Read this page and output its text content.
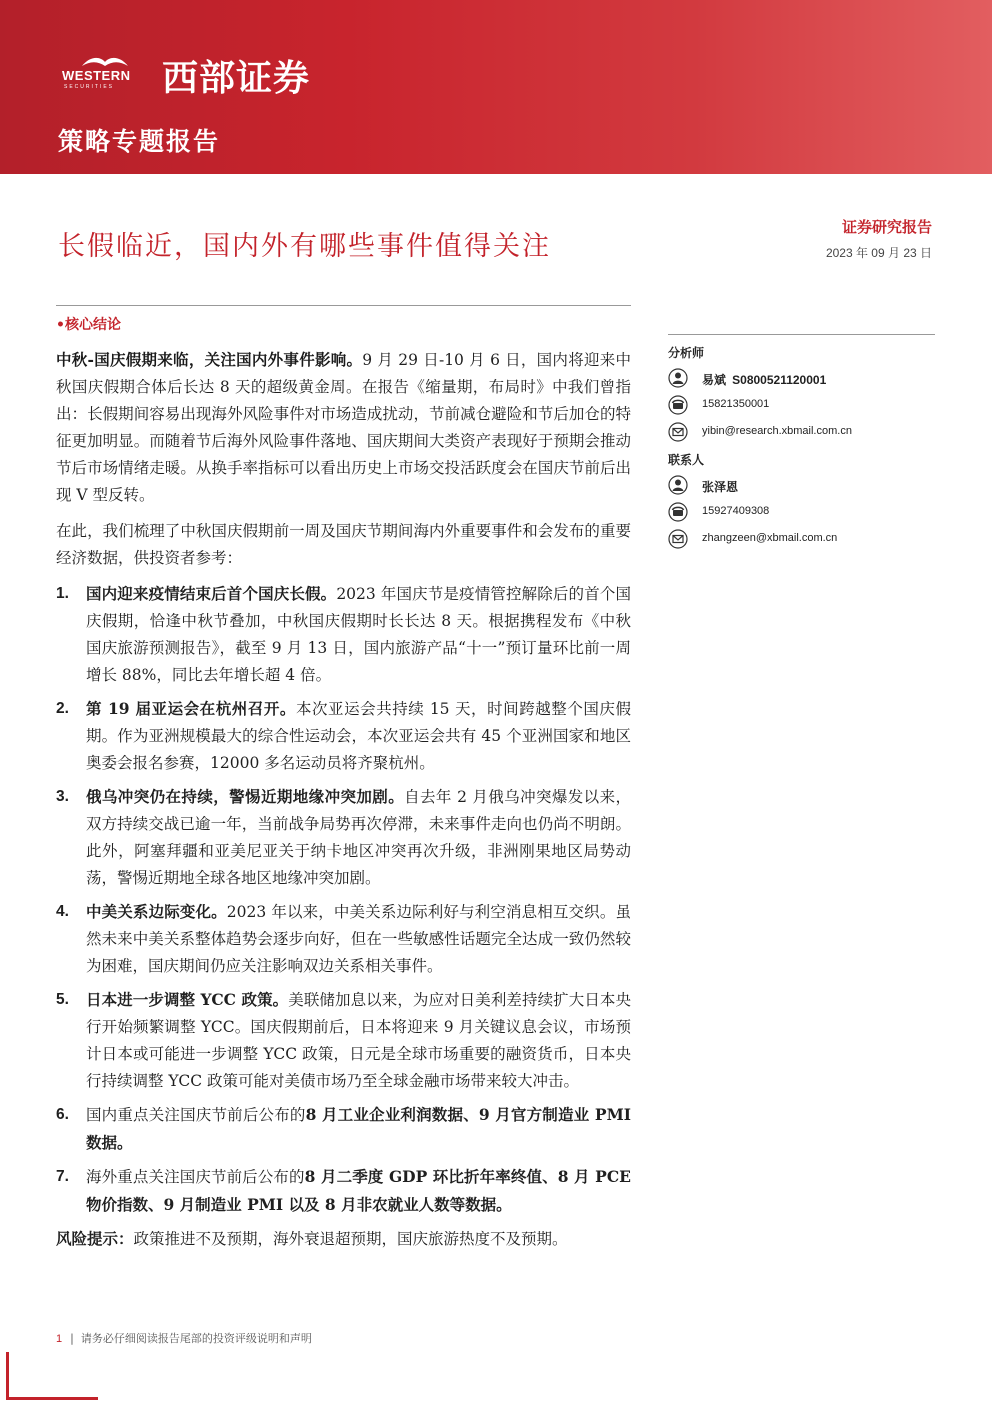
WESTERN
SECURITIES 西部证券
策略专题报告
长假临近，国内外有哪些事件值得关注
证券研究报告
2023 年 09 月 23 日
•核心结论

中秋-国庆假期来临，关注国内外事件影响。9 月 29 日-10 月 6 日，国内将迎来中秋国庆假期合体后长达 8 天的超级黄金周。在报告《缩量期，布局时》中我们曾指出：长假期间容易出现海外风险事件对市场造成扰动，节前减仓避险和节后加仓的特征更加明显。而随着节后海外风险事件落地、国庆期间大类资产表现好于预期会推动节后市场情绪走暖。从换手率指标可以看出历史上市场交投活跃度会在国庆节前后出现 V 型反转。

在此，我们梳理了中秋国庆假期前一周及国庆节期间海内外重要事件和会发布的重要经济数据，供投资者参考：

1. 国内迎来疫情结束后首个国庆长假。2023 年国庆节是疫情管控解除后的首个国庆假期，恰逢中秋节叠加，中秋国庆假期时长长达 8 天。根据携程发布《中秋国庆旅游预测报告》，截至 9 月 13 日，国内旅游产品“十一”预订量环比前一周增长 88%，同比去年增长超 4 倍。
2. 第 19 届亚运会在杭州召开。本次亚运会共持续 15 天，时间跨越整个国庆假期。作为亚洲规模最大的综合性运动会，本次亚运会共有 45 个亚洲国家和地区奥委会报名参赛，12000 多名运动员将齐聚杭州。
3. 俄乌冲突仍在持续，警惕近期地缘冲突加剧。自去年 2 月俄乌冲突爆发以来，双方持续交战已逾一年，当前战争局势再次停滞，未来事件走向也仍尚不明朗。此外，阿塞拜疆和亚美尼亚关于纳卡地区冲突再次升级，非洲刚果地区局势动荡，警惕近期地全球各地区地缘冲突加剧。
4. 中美关系边际变化。2023 年以来，中美关系边际利好与利空消息相互交织。虽然未来中美关系整体趋势会逐步向好，但在一些敏感性话题完全达成一致仍然较为困难，国庆期间仍应关注影响双边关系相关事件。
5. 日本进一步调整 YCC 政策。美联储加息以来，为应对日美利差持续扩大日本央行开始频繁调整 YCC。国庆假期前后，日本将迎来 9 月关键议息会议，市场预计日本或可能进一步调整 YCC 政策，日元是全球市场重要的融资货币，日本央行持续调整 YCC 政策可能对美债市场乃至全球金融市场带来较大冲击。
6. 国内重点关注国庆节前后公布的8 月工业企业利润数据、9 月官方制造业 PMI 数据。
7. 海外重点关注国庆节前后公布的8 月二季度 GDP 环比折年率终值、8 月 PCE 物价指数、9 月制造业 PMI 以及 8 月非农就业人数等数据。
风险提示：政策推进不及预期，海外衰退超预期，国庆旅游热度不及预期。
分析师
易斌 S0800521120001
15821350001
yibin@research.xbmail.com.cn
联系人
张泽恩
15927409308
zhangzeen@xbmail.com.cn
1 |  请务必仔细阅读报告尾部的投资评级说明和声明
